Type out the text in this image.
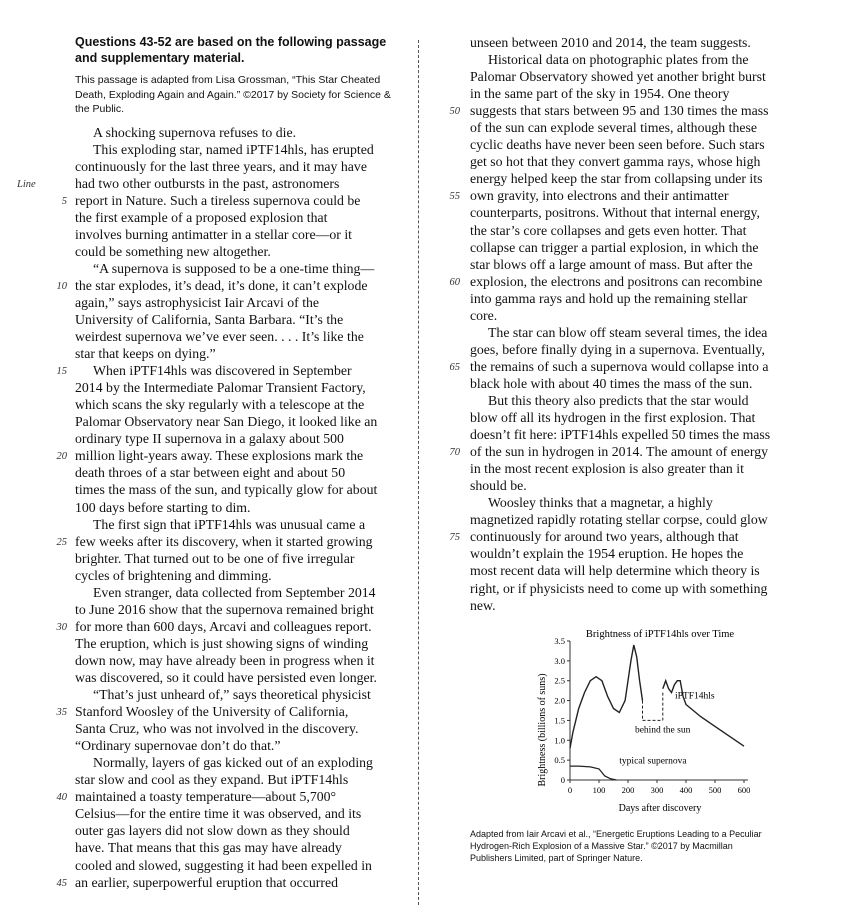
Questions 43-52 are based on the following passage and supplementary material.
This passage is adapted from Lisa Grossman, “This Star Cheated Death, Exploding Again and Again.” ©2017 by Society for Science & the Public.
A shocking supernova refuses to die.
This exploding star, named iPTF14hls, has erupted
continuously for the last three years, and it may have
Line	had two other outbursts in the past, astronomers
5 report in Nature. Such a tireless supernova could be
the first example of a proposed explosion that
involves burning antimatter in a stellar core—or it
could be something new altogether.
“A supernova is supposed to be a one-time thing—
10 the star explodes, it’s dead, it’s done, it can’t explode
again,” says astrophysicist Iair Arcavi of the
University of California, Santa Barbara. “It’s the
weirdest supernova we’ve ever seen. . . . It’s like the
star that keeps on dying.”
15 When iPTF14hls was discovered in September
2014 by the Intermediate Palomar Transient Factory,
which scans the sky regularly with a telescope at the
Palomar Observatory near San Diego, it looked like an
ordinary type II supernova in a galaxy about 500
20 million light-years away. These explosions mark the
death throes of a star between eight and about 50
times the mass of the sun, and typically glow for about
100 days before starting to dim.
The first sign that iPTF14hls was unusual came a
25 few weeks after its discovery, when it started growing
brighter. That turned out to be one of five irregular
cycles of brightening and dimming.
Even stranger, data collected from September 2014
to June 2016 show that the supernova remained bright
30 for more than 600 days, Arcavi and colleagues report.
The eruption, which is just showing signs of winding
down now, may have already been in progress when it
was discovered, so it could have persisted even longer.
“That’s just unheard of,” says theoretical physicist
35 Stanford Woosley of the University of California,
Santa Cruz, who was not involved in the discovery.
“Ordinary supernovae don’t do that.”
Normally, layers of gas kicked out of an exploding
star slow and cool as they expand. But iPTF14hls
40 maintained a toasty temperature—about 5,700°
Celsius—for the entire time it was observed, and its
outer gas layers did not slow down as they should
have. That means that this gas may have already
cooled and slowed, suggesting it had been expelled in
45 an earlier, superpowerful eruption that occurred
unseen between 2010 and 2014, the team suggests.
Historical data on photographic plates from the
Palomar Observatory showed yet another bright burst
in the same part of the sky in 1954. One theory
50 suggests that stars between 95 and 130 times the mass
of the sun can explode several times, although these
cyclic deaths have never been seen before. Such stars
get so hot that they convert gamma rays, whose high
energy helped keep the star from collapsing under its
55 own gravity, into electrons and their antimatter
counterparts, positrons. Without that internal energy,
the star’s core collapses and gets even hotter. That
collapse can trigger a partial explosion, in which the
star blows off a large amount of mass. But after the
60 explosion, the electrons and positrons can recombine
into gamma rays and hold up the remaining stellar
core.
The star can blow off steam several times, the idea
goes, before finally dying in a supernova. Eventually,
65 the remains of such a supernova would collapse into a
black hole with about 40 times the mass of the sun.
But this theory also predicts that the star would
blow off all its hydrogen in the first explosion. That
doesn’t fit here: iPTF14hls expelled 50 times the mass
70 of the sun in hydrogen in 2014. The amount of energy
in the most recent explosion is also greater than it
should be.
Woosley thinks that a magnetar, a highly
magnetized rapidly rotating stellar corpse, could glow
75 continuously for around two years, although that
wouldn’t explain the 1954 eruption. He hopes the
most recent data will help determine which theory is
right, or if physicists need to come up with something
new.
Brightness of iPTF14hls over Time
Brightness (billions of suns)
Days after discovery
0
0.5
1.0
1.5
2.0
2.5
3.0
3.5
0 100 200 300 400 500 600
behind the sun
typical supernova
iPTF14hls
Adapted from Iair Arcavi et al., “Energetic Eruptions Leading to a Peculiar Hydrogen-Rich Explosion of a Massive Star.” ©2017 by Macmillan Publishers Limited, part of Springer Nature.
